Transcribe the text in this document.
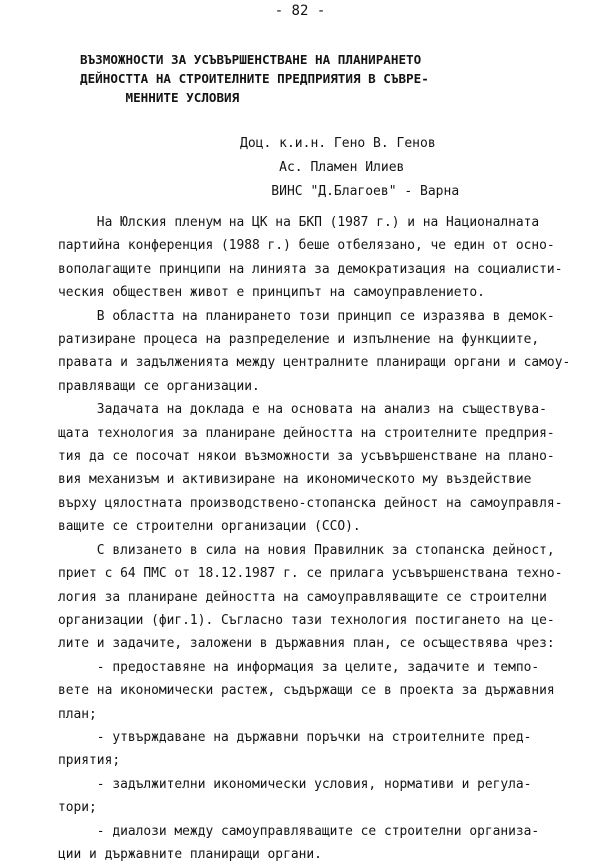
- 82 -
ВЪЗМОЖНОСТИ ЗА УСЪВЪРШЕНСТВАНЕ НА ПЛАНИРАНЕТО
ДЕЙНОСТТА НА СТРОИТЕЛНИТЕ ПРЕДПРИЯТИЯ В СЪВРЕ-
МЕННИТЕ УСЛОВИЯ
Доц. к.и.н. Гено В. Генов
Ас. Пламен Илиев
ВИНС "Д.Благоев" - Варна
На Юлския пленум на ЦК на БКП (1987 г.) и на Националната
партийна конференция (1988 г.) беше отбелязано, че един от осно-
вополагащите принципи на линията за демократизация на социалисти-
ческия обществен живот е принципът на самоуправлението.
В областта на планирането този принцип се изразява в демок-
ратизиране процеса на разпределение и изпълнение на функциите,
правата и задълженията между централните планиращи органи и самоу-
правляващи се организации.
Задачата на доклада е на основата на анализ на съществува-
щата технология за планиране дейността на строителните предприя-
тия да се посочат някои възможности за усъвършенстване на плано-
вия механизъм и активизиране на икономическото му въздействие
върху цялостната производствено-стопанска дейност на самоуправля-
ващите се строителни организации (ССО).
С влизането в сила на новия Правилник за стопанска дейност,
приет с 64 ПМС от 18.12.1987 г. се прилага усъвършенствана техно-
логия за планиране дейността на самоуправляващите се строителни
организации (фиг.1). Съгласно тази технология постигането на це-
лите и задачите, заложени в държавния план, се осъществява чрез:
- предоставяне на информация за целите, задачите и темпо-
вете на икономически растеж, съдържащи се в проекта за държавния
план;
- утвърждаване на държавни поръчки на строителните пред-
приятия;
- задължителни икономически условия, нормативи и регула-
тори;
- диалози между самоуправляващите се строителни организа-
ции и държавните планиращи органи.
